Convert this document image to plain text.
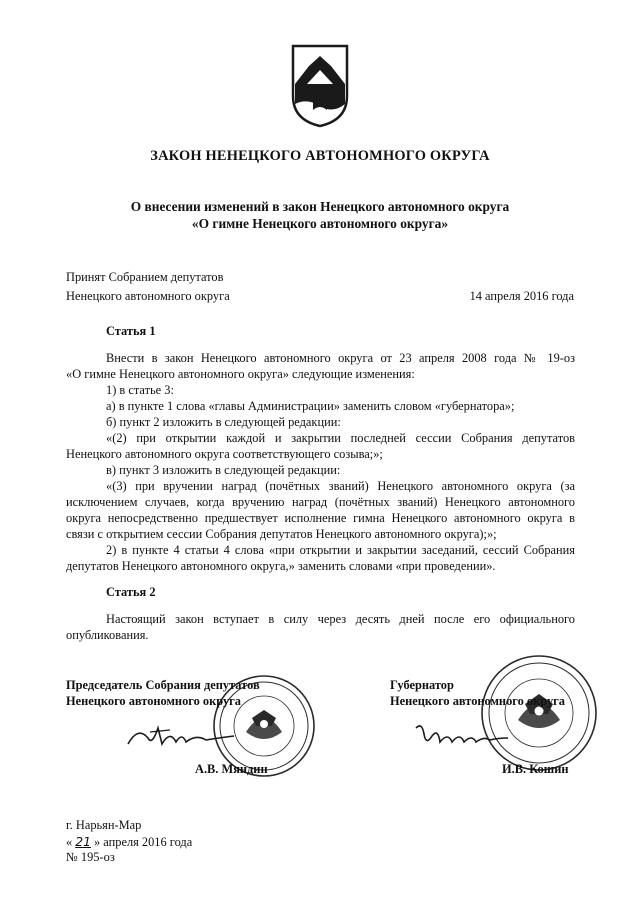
ЗАКОН НЕНЕЦКОГО АВТОНОМНОГО ОКРУГА
О внесении изменений в закон Ненецкого автономного округа
«О гимне Ненецкого автономного округа»
Принят Собранием депутатов
Ненецкого автономного округа	14 апреля 2016 года
Статья 1
Внести в закон Ненецкого автономного округа от 23 апреля 2008 года № 19-оз
«О гимне Ненецкого автономного округа» следующие изменения:
1) в статье 3:
а) в пункте 1 слова «главы Администрации» заменить словом «губернатора»;
б) пункт 2 изложить в следующей редакции:
«(2) при открытии каждой и закрытии последней сессии Собрания депутатов
Ненецкого автономного округа соответствующего созыва;»;
в) пункт 3 изложить в следующей редакции:
«(3) при вручении наград (почётных званий) Ненецкого автономного округа (за
исключением случаев, когда вручению наград (почётных званий) Ненецкого автономного
округа непосредственно предшествует исполнение гимна Ненецкого автономного округа в
связи с открытием сессии Собрания депутатов Ненецкого автономного округа);»;
2) в пункте 4 статьи 4 слова «при открытии и закрытии заседаний, сессий Собрания
депутатов Ненецкого автономного округа,» заменить словами «при проведении».
Статья 2
Настоящий закон вступает в силу через десять дней после его официального
опубликования.
Председатель Собрания депутатов
Ненецкого автономного округа
А.В. Мяндин
Губернатор
Ненецкого автономного округа
И.В. Кошин
г. Нарьян-Мар
« 21 » апреля 2016 года
№ 195-оз
